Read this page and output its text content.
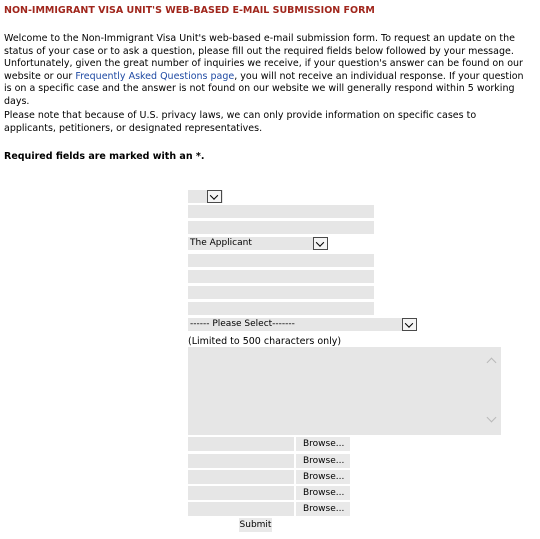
NON-IMMIGRANT VISA UNIT'S WEB-BASED E-MAIL SUBMISSION FORM
Welcome to the Non-Immigrant Visa Unit's web-based e-mail submission form. To request an update on the status of your case or to ask a question, please fill out the required fields below followed by your message. Unfortunately, given the great number of inquiries we receive, if your question's answer can be found on our website or our Frequently Asked Questions page, you will not receive an individual response. If your question is on a specific case and the answer is not found on our website we will generally respond within 5 working days.
Please note that because of U.S. privacy laws, we can only provide information on specific cases to applicants, petitioners, or designated representatives.
Required fields are marked with an *.
The Applicant
------ Please Select-------
(Limited to 500 characters only)
Browse...
Browse...
Browse...
Browse...
Browse...
Submit
